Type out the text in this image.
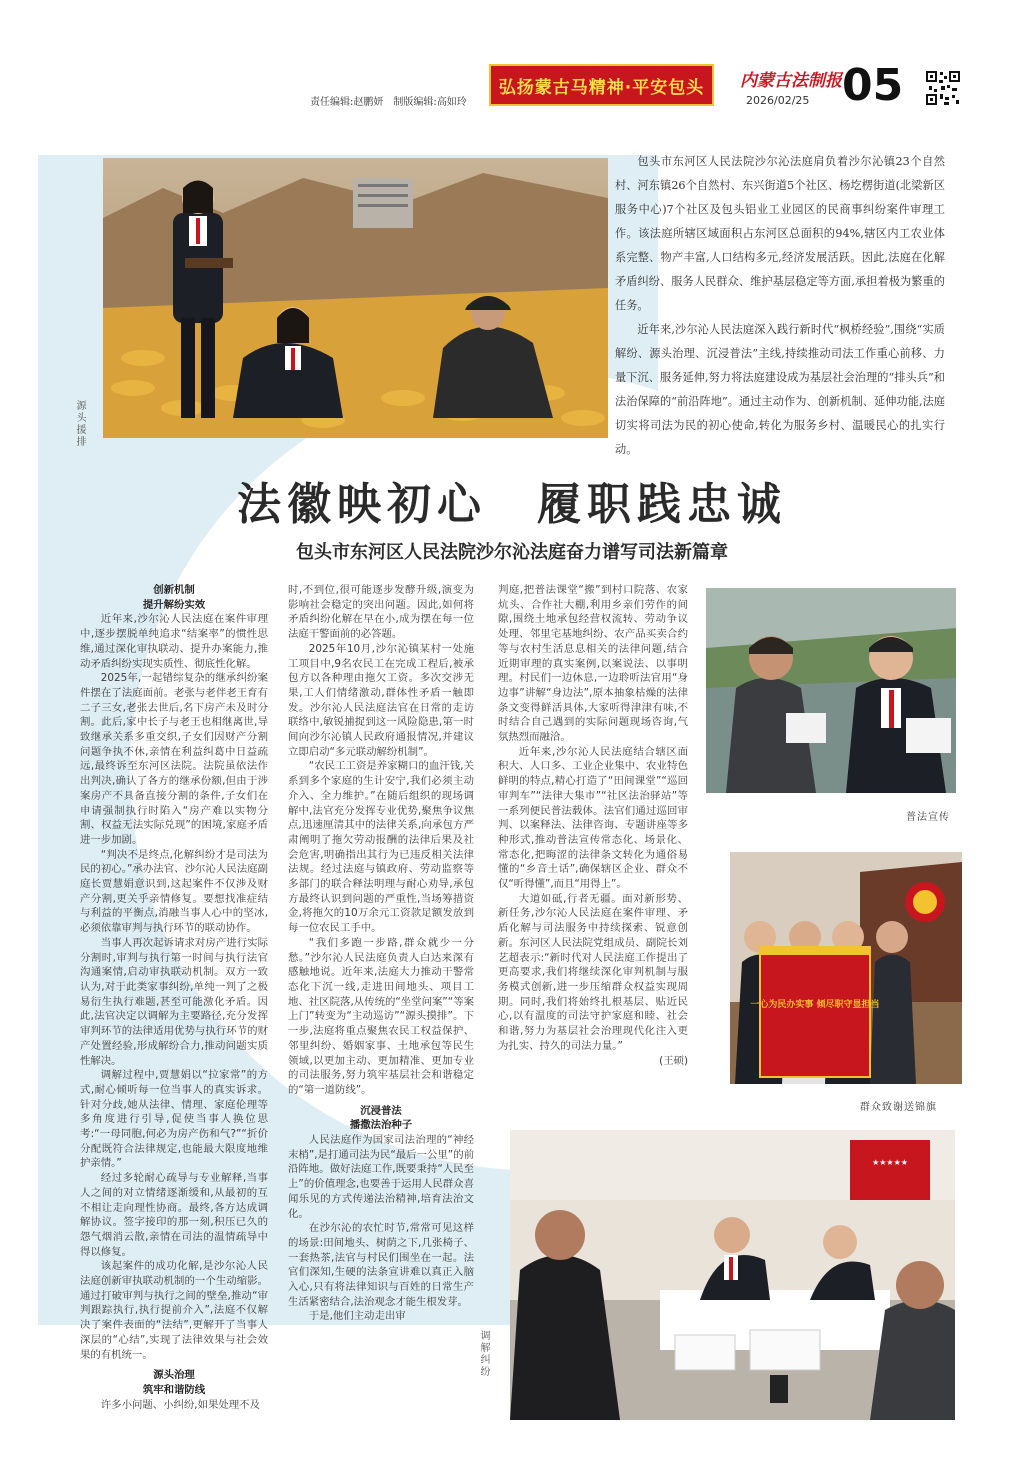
责任编辑:赵鹏妍　制版编辑:高如玲
弘扬蒙古马精神·平安包头	内蒙古法制报
2026/02/25 05
源头援排

包头市东河区人民法院沙尔沁法庭肩负着沙尔沁镇23个自然村、河东镇26个自然村、东兴街道5个社区、杨圪楞街道(北梁新区服务中心)7个社区及包头铝业工业园区的民商事纠纷案件审理工作。该法庭所辖区域面积占东河区总面积的94%,辖区内工农业体系完整、物产丰富,人口结构多元,经济发展活跃。因此,法庭在化解矛盾纠纷、服务人民群众、维护基层稳定等方面,承担着极为繁重的任务。

近年来,沙尔沁人民法庭深入践行新时代“枫桥经验”,围绕“实质解纷、源头治理、沉浸普法”主线,持续推动司法工作重心前移、力量下沉、服务延伸,努力将法庭建设成为基层社会治理的“排头兵”和法治保障的“前沿阵地”。通过主动作为、创新机制、延伸功能,法庭切实将司法为民的初心使命,转化为服务乡村、温暖民心的扎实行动。

法徽映初心　履职践忠诚
包头市东河区人民法院沙尔沁法庭奋力谱写司法新篇章

创新机制

提升解纷实效

近年来,沙尔沁人民法庭在案件审理中,逐步摆脱单纯追求“结案率”的惯性思维,通过深化审执联动、提升办案能力,推动矛盾纠纷实现实质性、彻底性化解。

2025年,一起错综复杂的继承纠纷案件摆在了法庭面前。老张与老伴老王育有二子三女,老张去世后,名下房产未及时分割。此后,家中长子与老王也相继离世,导致继承关系多重交织,子女们因财产分割问题争执不休,亲情在利益纠葛中日益疏远,最终诉至东河区法院。法院虽依法作出判决,确认了各方的继承份额,但由于涉案房产不具备直接分割的条件,子女们在申请强制执行时陷入“房产难以实物分割、权益无法实际兑现”的困境,家庭矛盾进一步加剧。

“判决不是终点,化解纠纷才是司法为民的初心。”承办法官、沙尔沁人民法庭副庭长贾慧娟意识到,这起案件不仅涉及财产分割,更关乎亲情修复。要想找准症结与利益的平衡点,消融当事人心中的坚冰,必须依靠审判与执行环节的联动协作。

当事人再次起诉请求对房产进行实际分割时,审判与执行第一时间与执行法官沟通案情,启动审执联动机制。双方一致认为,对于此类家事纠纷,单纯一判了之极易衍生执行难题,甚至可能激化矛盾。因此,法官决定以调解为主要路径,充分发挥审判环节的法律适用优势与执行环节的财产处置经验,形成解纷合力,推动问题实质性解决。

调解过程中,贾慧娟以“拉家常”的方式,耐心倾听每一位当事人的真实诉求。针对分歧,她从法律、情理、家庭伦理等多角度进行引导,促使当事人换位思考:“一母同胞,何必为房产伤和气?”“折价分配既符合法律规定,也能最大限度地维护亲情。”

经过多轮耐心疏导与专业解释,当事人之间的对立情绪逐渐缓和,从最初的互不相让走向理性协商。最终,各方达成调解协议。签字接印的那一刻,积压已久的怨气烟消云散,亲情在司法的温情疏导中得以修复。

该起案件的成功化解,是沙尔沁人民法庭创新审执联动机制的一个生动缩影。通过打破审判与执行之间的壁垒,推动“审判跟踪执行,执行提前介入”,法庭不仅解决了案件表面的“法结”,更解开了当事人深层的“心结”,实现了法律效果与社会效果的有机统一。

源头治理

筑牢和谐防线

许多小问题、小纠纷,如果处理不及

时,不到位,很可能逐步发酵升级,演变为影响社会稳定的突出问题。因此,如何将矛盾纠纷化解在早在小,成为摆在每一位法庭干警面前的必答题。

2025年10月,沙尔沁镇某村一处施工项目中,9名农民工在完成工程后,被承包方以各种理由拖欠工资。多次交涉无果,工人们情绪激动,群体性矛盾一触即发。沙尔沁人民法庭法官在日常的走访联络中,敏锐捕捉到这一风险隐患,第一时间向沙尔沁镇人民政府通报情况,并建议立即启动“多元联动解纷机制”。

“农民工工资是养家糊口的血汗钱,关系到多个家庭的生计安宁,我们必须主动介入、全力维护。”在随后组织的现场调解中,法官充分发挥专业优势,聚焦争议焦点,迅速厘清其中的法律关系,向承包方严肃阐明了拖欠劳动报酬的法律后果及社会危害,明确指出其行为已违反相关法律法规。经过法庭与镇政府、劳动监察等多部门的联合释法明理与耐心劝导,承包方最终认识到问题的严重性,当场筹措资金,将拖欠的10万余元工资款足额发放到每一位农民工手中。

“我们多跑一步路,群众就少一分愁。”沙尔沁人民法庭负责人白达来深有感触地说。近年来,法庭大力推动干警常态化下沉一线,走进田间地头、项目工地、社区院落,从传统的“坐堂问案”“等案上门”转变为“主动巡访”“源头摸排”。下一步,法庭将重点聚焦农民工权益保护、邻里纠纷、婚姻家事、土地承包等民生领域,以更加主动、更加精准、更加专业的司法服务,努力筑牢基层社会和谐稳定的“第一道防线”。

沉浸普法

播撒法治种子

人民法庭作为国家司法治理的“神经末梢”,是打通司法为民“最后一公里”的前沿阵地。做好法庭工作,既要秉持“人民至上”的价值理念,也要善于运用人民群众喜闻乐见的方式传递法治精神,培育法治文化。

在沙尔沁的农忙时节,常常可见这样的场景:田间地头、树荫之下,几张椅子、一套热茶,法官与村民们围坐在一起。法官们深知,生硬的法条宣讲难以真正入脑入心,只有将法律知识与百姓的日常生产生活紧密结合,法治观念才能生根发芽。

于是,他们主动走出审

判庭,把普法课堂“搬”到村口院落、农家炕头、合作社大棚,利用乡亲们劳作的间隙,围绕土地承包经营权流转、劳动争议处理、邻里宅基地纠纷、农产品买卖合约等与农村生活息息相关的法律问题,结合近期审理的真实案例,以案说法、以事明理。村民们一边休息,一边聆听法官用“身边事”讲解“身边法”,原本抽象枯燥的法律条文变得鲜活具体,大家听得津津有味,不时结合自己遇到的实际问题现场咨询,气氛热烈而融洽。

近年来,沙尔沁人民法庭结合辖区面积大、人口多、工业企业集中、农业特色鲜明的特点,精心打造了“田间课堂”“巡回审判车”“法律大集市”“社区法治驿站”等一系列便民普法载体。法官们通过巡回审判、以案释法、法律咨询、专题讲座等多种形式,推动普法宣传常态化、场景化、常态化,把晦涩的法律条文转化为通俗易懂的“乡音土话”,确保辖区企业、群众不仅“听得懂”,而且“用得上”。

大道如砥,行者无疆。面对新形势、新任务,沙尔沁人民法庭在案件审理、矛盾化解与司法服务中持续探索、锐意创新。东河区人民法院党组成员、副院长刘艺超表示:“新时代对人民法庭工作提出了更高要求,我们将继续深化审判机制与服务模式创新,进一步压缩群众权益实现周期。同时,我们将始终扎根基层、贴近民心,以有温度的司法守护家庭和睦、社会和谐,努力为基层社会治理现代化注入更为扎实、持久的司法力量。”

(王硕)

普法宣传
一心为民办实事 倾尽职守显担当
群众致谢送锦旗
★★★★★
调解纠纷
